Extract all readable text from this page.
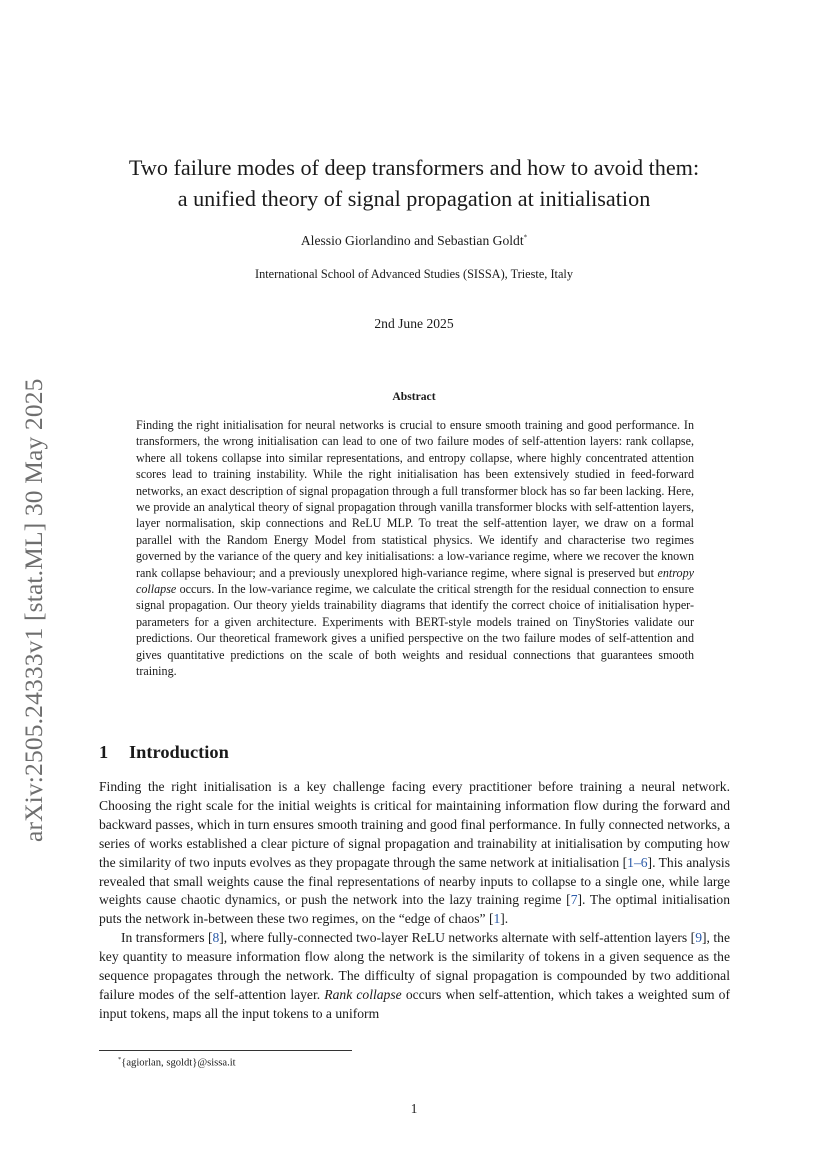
arXiv:2505.24333v1 [stat.ML] 30 May 2025
Two failure modes of deep transformers and how to avoid them:
a unified theory of signal propagation at initialisation
Alessio Giorlandino and Sebastian Goldt*
International School of Advanced Studies (SISSA), Trieste, Italy
2nd June 2025
Abstract

Finding the right initialisation for neural networks is crucial to ensure smooth training and good performance. In transformers, the wrong initialisation can lead to one of two failure modes of self-attention layers: rank collapse, where all tokens collapse into similar representations, and entropy collapse, where highly concentrated attention scores lead to training instability. While the right initialisation has been extensively studied in feed-forward networks, an exact description of signal propagation through a full transformer block has so far been lacking. Here, we provide an analytical theory of signal propagation through vanilla transformer blocks with self-attention layers, layer normalisation, skip connections and ReLU MLP. To treat the self-attention layer, we draw on a formal parallel with the Random Energy Model from statistical physics. We identify and characterise two regimes governed by the variance of the query and key initialisations: a low-variance regime, where we recover the known rank collapse behaviour; and a previously unexplored high-variance regime, where signal is preserved but entropy collapse occurs. In the low-variance regime, we calculate the critical strength for the residual connection to ensure signal propagation. Our theory yields trainability diagrams that identify the correct choice of initialisation hyper-parameters for a given architecture. Experiments with BERT-style models trained on TinyStories validate our predictions. Our theoretical framework gives a unified perspective on the two failure modes of self-attention and gives quantitative predictions on the scale of both weights and residual connections that guarantees smooth training.

1 Introduction

Finding the right initialisation is a key challenge facing every practitioner before training a neural network. Choosing the right scale for the initial weights is critical for maintaining information flow during the forward and backward passes, which in turn ensures smooth training and good final performance. In fully connected networks, a series of works established a clear picture of signal propagation and trainability at initialisation by computing how the similarity of two inputs evolves as they propagate through the same network at initialisation [1–6]. This analysis revealed that small weights cause the final representations of nearby inputs to collapse to a single one, while large weights cause chaotic dynamics, or push the network into the lazy training regime [7]. The optimal initialisation puts the network in-between these two regimes, on the “edge of chaos” [1].

In transformers [8], where fully-connected two-layer ReLU networks alternate with self-attention layers [9], the key quantity to measure information flow along the network is the similarity of tokens in a given sequence as the sequence propagates through the network. The difficulty of signal propagation is compounded by two additional failure modes of the self-attention layer. Rank collapse occurs when self-attention, which takes a weighted sum of input tokens, maps all the input tokens to a uniform

*{agiorlan, sgoldt}@sissa.it
1
